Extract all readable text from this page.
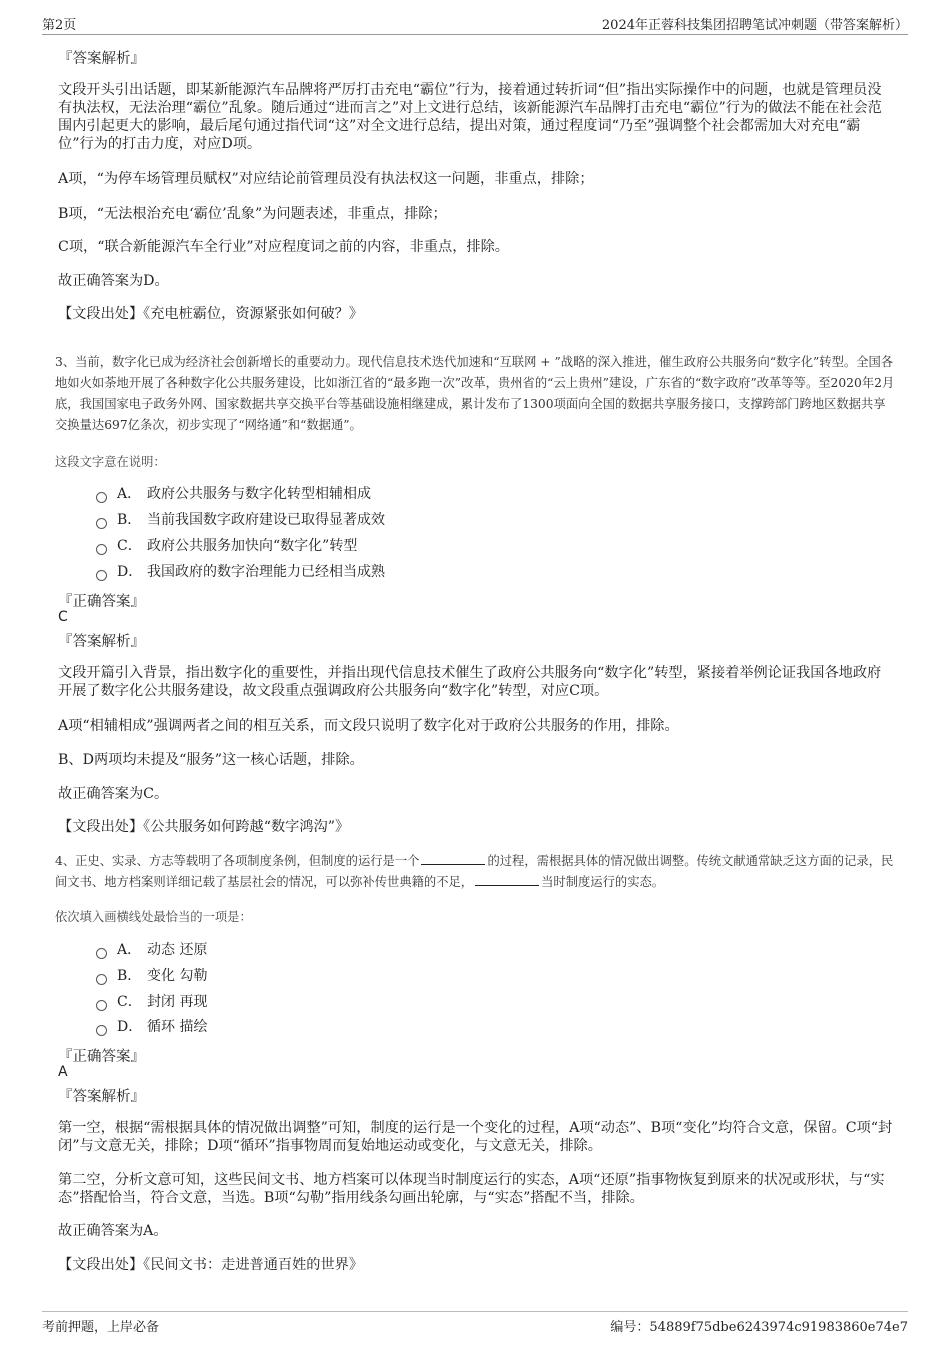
第2页	2024年正蓉科技集团招聘笔试冲刺题（带答案解析）
『答案解析』
文段开头引出话题，即某新能源汽车品牌将严厉打击充电“霸位”行为，接着通过转折词“但”指出实际操作中的问题，也就是管理员没有执法权，无法治理“霸位”乱象。随后通过“进而言之”对上文进行总结，该新能源汽车品牌打击充电“霸位”行为的做法不能在社会范围内引起更大的影响，最后尾句通过指代词“这”对全文进行总结，提出对策，通过程度词“乃至”强调整个社会都需加大对充电“霸位”行为的打击力度，对应D项。
A项，“为停车场管理员赋权”对应结论前管理员没有执法权这一问题，非重点，排除；
B项，“无法根治充电‘霸位’乱象”为问题表述，非重点，排除；
C项，“联合新能源汽车全行业”对应程度词之前的内容，非重点，排除。
故正确答案为D。
【文段出处】《充电桩霸位，资源紧张如何破？》
3、当前，数字化已成为经济社会创新增长的重要动力。现代信息技术迭代加速和“互联网 + ”战略的深入推进，催生政府公共服务向“数字化”转型。全国各地如火如荼地开展了各种数字化公共服务建设，比如浙江省的“最多跑一次”改革，贵州省的“云上贵州”建设，广东省的“数字政府”改革等等。至2020年2月底，我国国家电子政务外网、国家数据共享交换平台等基础设施相继建成，累计发布了1300项面向全国的数据共享服务接口，支撑跨部门跨地区数据共享交换量达697亿条次，初步实现了“网络通”和“数据通”。
这段文字意在说明：
A． 政府公共服务与数字化转型相辅相成
B． 当前我国数字政府建设已取得显著成效
C． 政府公共服务加快向“数字化”转型
D． 我国政府的数字治理能力已经相当成熟
『正确答案』
C
『答案解析』
文段开篇引入背景，指出数字化的重要性，并指出现代信息技术催生了政府公共服务向“数字化”转型，紧接着举例论证我国各地政府开展了数字化公共服务建设，故文段重点强调政府公共服务向“数字化”转型，对应C项。
A项“相辅相成”强调两者之间的相互关系，而文段只说明了数字化对于政府公共服务的作用，排除。
B、D两项均未提及“服务”这一核心话题，排除。
故正确答案为C。
【文段出处】《公共服务如何跨越“数字鸿沟”》
4、正史、实录、方志等载明了各项制度条例，但制度的运行是一个	的过程，需根据具体的情况做出调整。传统文献通常缺乏这方面的记录，民间文书、地方档案则详细记载了基层社会的情况，可以弥补传世典籍的不足，	当时制度运行的实态。
依次填入画横线处最恰当的一项是：
A． 动态 还原
B． 变化 勾勒
C． 封闭 再现
D． 循环 描绘
『正确答案』
A
『答案解析』
第一空，根据“需根据具体的情况做出调整”可知，制度的运行是一个变化的过程，A项“动态”、B项“变化”均符合文意，保留。C项“封闭”与文意无关，排除；D项“循环”指事物周而复始地运动或变化，与文意无关，排除。
第二空，分析文意可知，这些民间文书、地方档案可以体现当时制度运行的实态，A项“还原”指事物恢复到原来的状况或形状，与“实态”搭配恰当，符合文意，当选。B项“勾勒”指用线条勾画出轮廓，与“实态”搭配不当，排除。
故正确答案为A。
【文段出处】《民间文书：走进普通百姓的世界》
考前押题，上岸必备	编号：54889f75dbe6243974c91983860e74e7
